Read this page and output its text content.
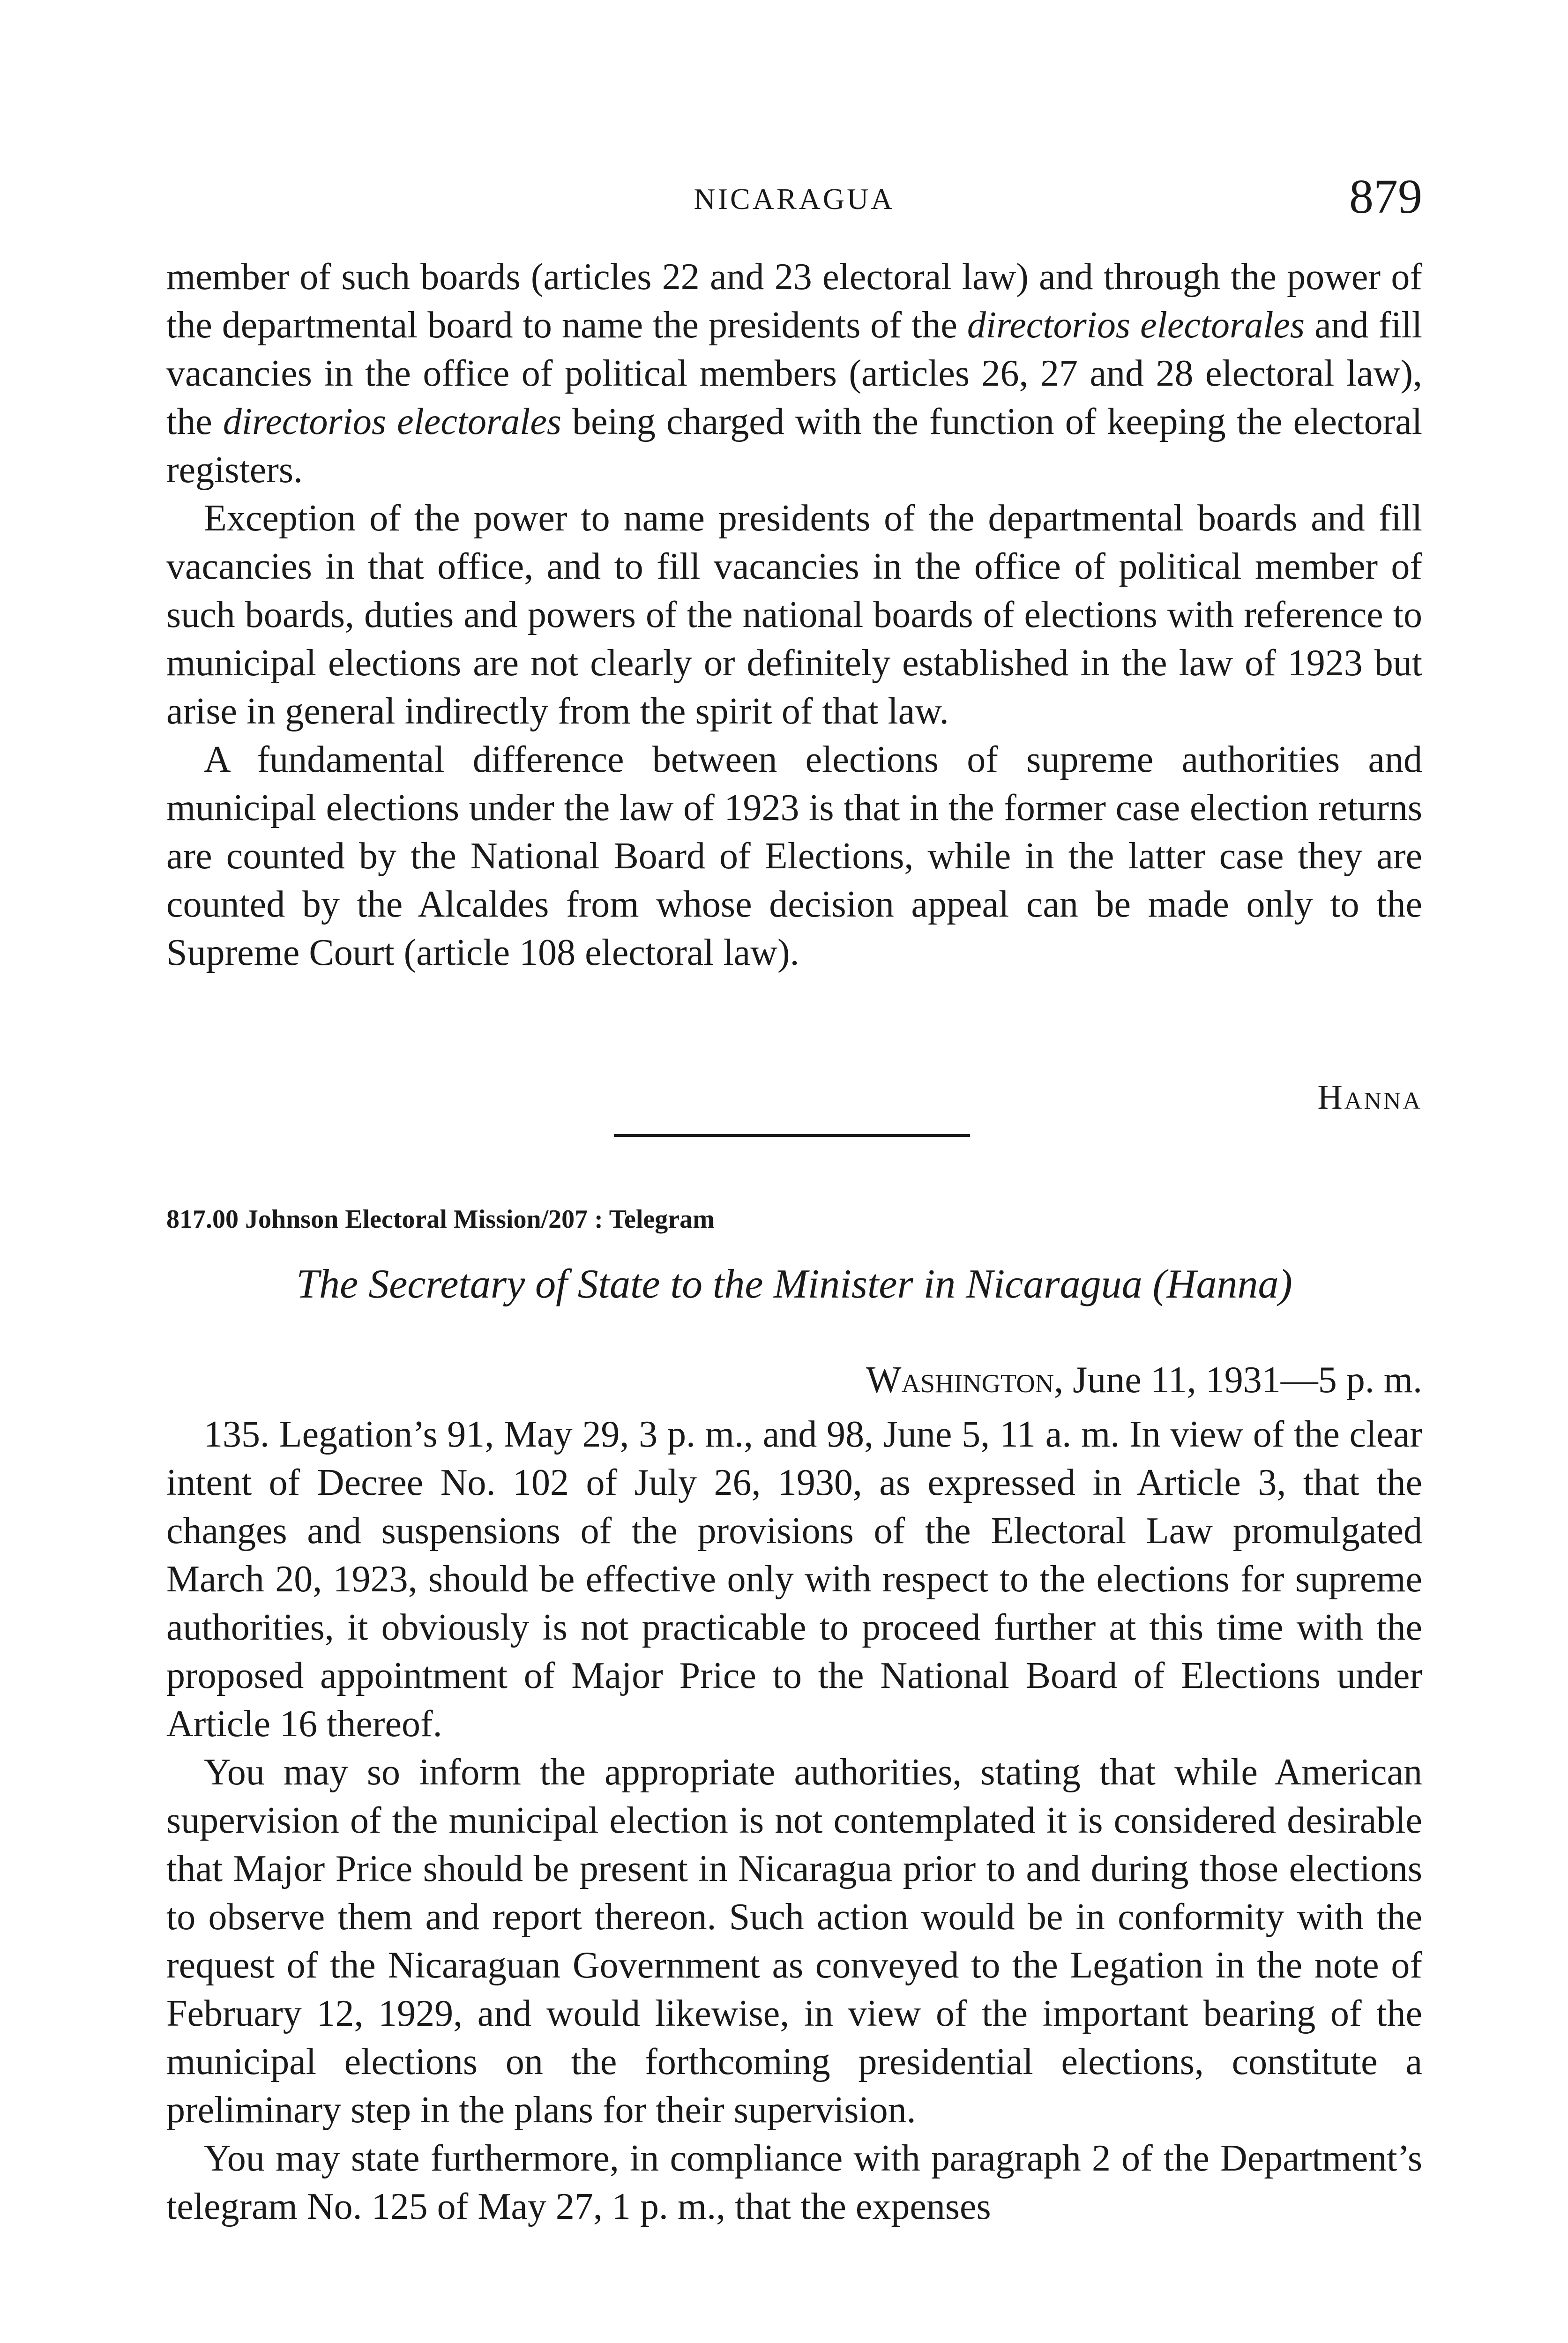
NICARAGUA	879

member of such boards (articles 22 and 23 electoral law) and through the power of the departmental board to name the presidents of the directorios electorales and fill vacancies in the office of political members (articles 26, 27 and 28 electoral law), the directorios electorales being charged with the function of keeping the electoral registers.

Exception of the power to name presidents of the departmental boards and fill vacancies in that office, and to fill vacancies in the office of political member of such boards, duties and powers of the national boards of elections with reference to municipal elections are not clearly or definitely established in the law of 1923 but arise in general indirectly from the spirit of that law.

A fundamental difference between elections of supreme authorities and municipal elections under the law of 1923 is that in the former case election returns are counted by the National Board of Elections, while in the latter case they are counted by the Alcaldes from whose decision appeal can be made only to the Supreme Court (article 108 electoral law).

Hanna
817.00 Johnson Electoral Mission/207 : Telegram
The Secretary of State to the Minister in Nicaragua (Hanna)
Washington, June 11, 1931—5 p. m.

135. Legation’s 91, May 29, 3 p. m., and 98, June 5, 11 a. m. In view of the clear intent of Decree No. 102 of July 26, 1930, as expressed in Article 3, that the changes and suspensions of the provisions of the Electoral Law promulgated March 20, 1923, should be effective only with respect to the elections for supreme authorities, it obviously is not practicable to proceed further at this time with the proposed appointment of Major Price to the National Board of Elections under Article 16 thereof.

You may so inform the appropriate authorities, stating that while American supervision of the municipal election is not contemplated it is considered desirable that Major Price should be present in Nicaragua prior to and during those elections to observe them and report thereon. Such action would be in conformity with the request of the Nicaraguan Government as conveyed to the Legation in the note of February 12, 1929, and would likewise, in view of the important bearing of the municipal elections on the forthcoming presidential elections, constitute a preliminary step in the plans for their supervision.

You may state furthermore, in compliance with paragraph 2 of the Department’s telegram No. 125 of May 27, 1 p. m., that the expenses
